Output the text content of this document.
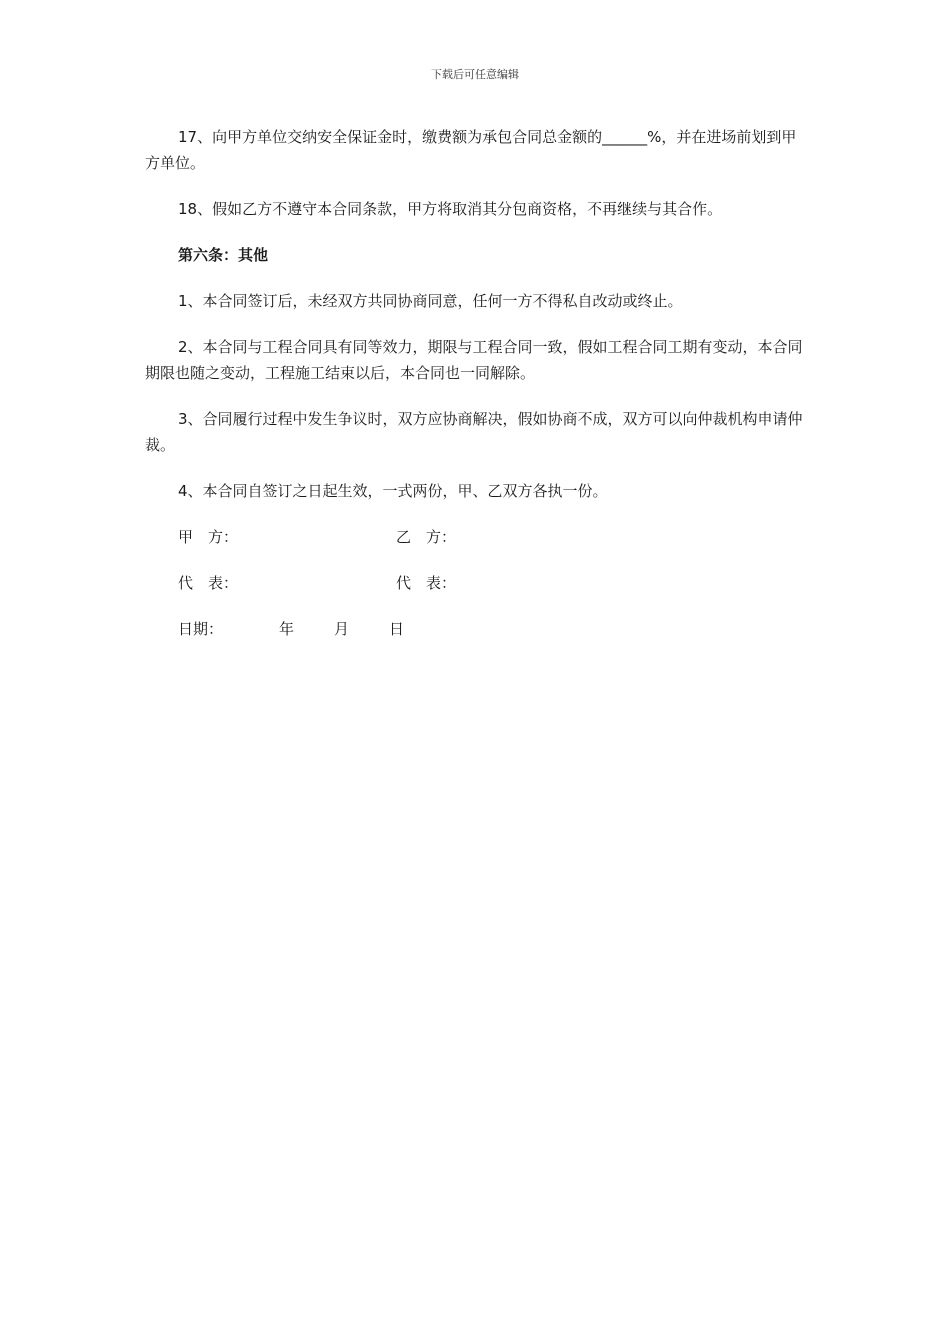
下载后可任意编辑

17、向甲方单位交纳安全保证金时，缴费额为承包合同总金额的______%，并在进场前划到甲方单位。

18、假如乙方不遵守本合同条款，甲方将取消其分包商资格，不再继续与其合作。

第六条：其他

1、本合同签订后，未经双方共同协商同意，任何一方不得私自改动或终止。

2、本合同与工程合同具有同等效力，期限与工程合同一致，假如工程合同工期有变动，本合同期限也随之变动，工程施工结束以后，本合同也一同解除。

3、合同履行过程中发生争议时，双方应协商解决，假如协商不成，双方可以向仲裁机构申请仲裁。

4、本合同自签订之日起生效，一式两份，甲、乙双方各执一份。

甲　方：	乙　方：
代　表：	代　表：
日期：	年	月	日
